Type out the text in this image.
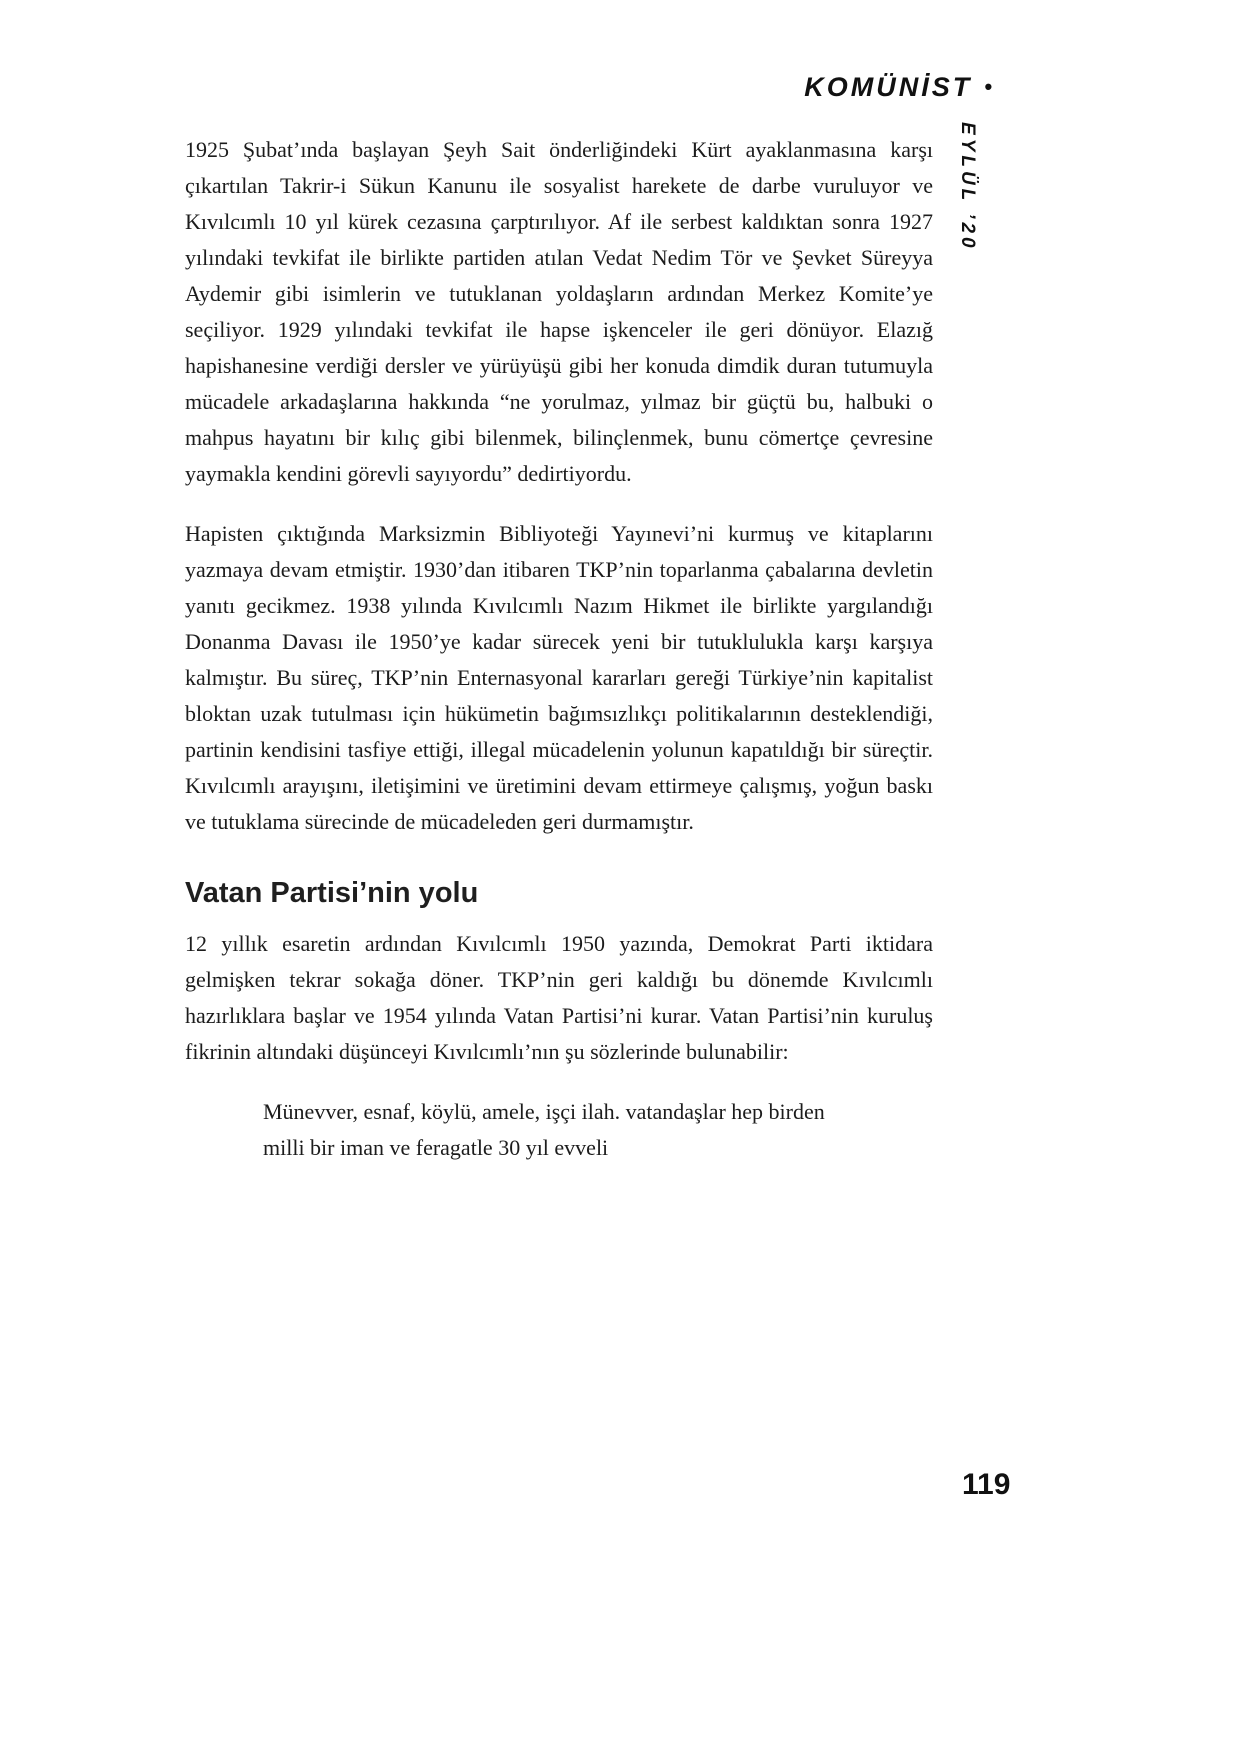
KOMÜNİST •
EYLÜL ’20

1925 Şubat’ında başlayan Şeyh Sait önderliğindeki Kürt ayaklanmasına karşı çıkartılan Takrir-i Sükun Kanunu ile sosyalist harekete de darbe vuruluyor ve Kıvılcımlı 10 yıl kürek cezasına çarptırılıyor. Af ile serbest kaldıktan sonra 1927 yılındaki tevkifat ile birlikte partiden atılan Vedat Nedim Tör ve Şevket Süreyya Aydemir gibi isimlerin ve tutuklanan yoldaşların ardından Merkez Komite’ye seçiliyor. 1929 yılındaki tevkifat ile hapse işkenceler ile geri dönüyor. Elazığ hapishanesine verdiği dersler ve yürüyüşü gibi her konuda dimdik duran tutumuyla mücadele arkadaşlarına hakkında “ne yorulmaz, yılmaz bir güçtü bu, halbuki o mahpus hayatını bir kılıç gibi bilenmek, bilinçlenmek, bunu cömertçe çevresine yaymakla kendini görevli sayıyordu” dedirtiyordu.

Hapisten çıktığında Marksizmin Bibliyoteği Yayınevi’ni kurmuş ve kitaplarını yazmaya devam etmiştir. 1930’dan itibaren TKP’nin toparlanma çabalarına devletin yanıtı gecikmez. 1938 yılında Kıvılcımlı Nazım Hikmet ile birlikte yargılandığı Donanma Davası ile 1950’ye kadar sürecek yeni bir tutuklulukla karşı karşıya kalmıştır. Bu süreç, TKP’nin Enternasyonal kararları gereği Türkiye’nin kapitalist bloktan uzak tutulması için hükümetin bağımsızlıkçı politikalarının desteklendiği, partinin kendisini tasfiye ettiği, illegal mücadelenin yolunun kapatıldığı bir süreçtir. Kıvılcımlı arayışını, iletişimini ve üretimini devam ettirmeye çalışmış, yoğun baskı ve tutuklama sürecinde de mücadeleden geri durmamıştır.

Vatan Partisi’nin yolu

12 yıllık esaretin ardından Kıvılcımlı 1950 yazında, Demokrat Parti iktidara gelmişken tekrar sokağa döner. TKP’nin geri kaldığı bu dönemde Kıvılcımlı hazırlıklara başlar ve 1954 yılında Vatan Partisi’ni kurar. Vatan Partisi’nin kuruluş fikrinin altındaki düşünceyi Kıvılcımlı’nın şu sözlerinde bulunabilir:

Münevver, esnaf, köylü, amele, işçi ilah. vatandaşlar hep birden milli bir iman ve feragatle 30 yıl evveli
119
